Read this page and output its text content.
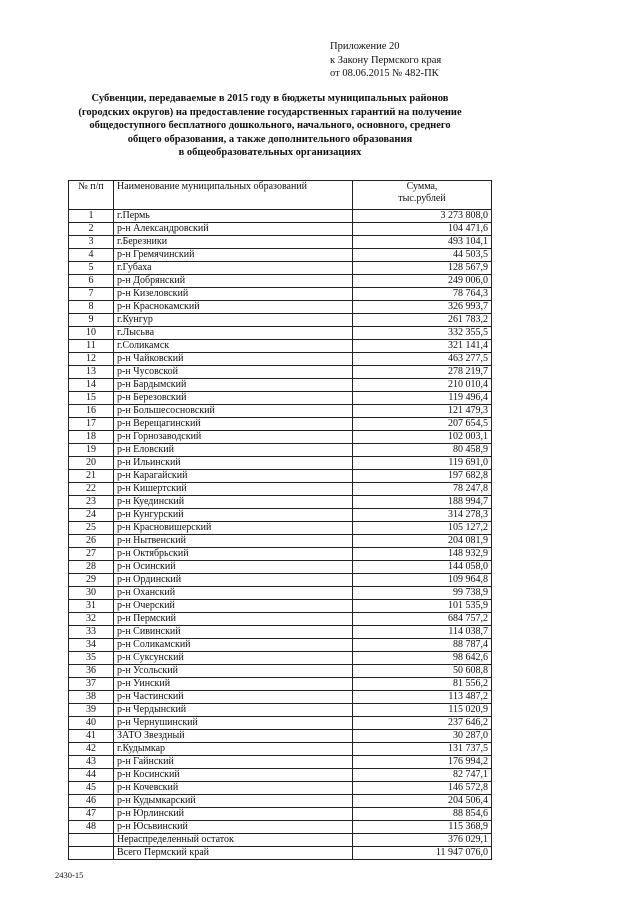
Приложение 20
к Закону Пермского края
от 08.06.2015 № 482-ПК
Субвенции, передаваемые в 2015 году в бюджеты муниципальных районов
(городских округов) на предоставление государственных гарантий на получение
общедоступного бесплатного дошкольного, начального, основного, среднего
общего образования, а также дополнительного образования
в общеобразовательных организациях
№ п/п	Наименование муниципальных образований	Сумма,
тыс.рублей

1	г.Пермь	3 273 808,0
2	р-н Александровский	104 471,6
3	г.Березники	493 104,1
4	р-н Гремячинский	44 503,5
5	г.Губаха	128 567,9
6	р-н Добрянский	249 006,0
7	р-н Кизеловский	78 764,3
8	р-н Краснокамский	326 993,7
9	г.Кунгур	261 783,2
10	г.Лысьва	332 355,5
11	г.Соликамск	321 141,4
12	р-н Чайковский	463 277,5
13	р-н Чусовской	278 219,7
14	р-н Бардымский	210 010,4
15	р-н Березовский	119 496,4
16	р-н Большесосновский	121 479,3
17	р-н Верещагинский	207 654,5
18	р-н Горнозаводский	102 003,1
19	р-н Еловский	80 458,9
20	р-н Ильинский	119 691,0
21	р-н Карагайский	197 682,8
22	р-н Кишертский	78 247,8
23	р-н Куединский	188 994,7
24	р-н Кунгурский	314 278,3
25	р-н Красновишерский	105 127,2
26	р-н Нытвенский	204 081,9
27	р-н Октябрьский	148 932,9
28	р-н Осинский	144 058,0
29	р-н Ординский	109 964,8
30	р-н Оханский	99 738,9
31	р-н Очерский	101 535,9
32	р-н Пермский	684 757,2
33	р-н Сивинский	114 038,7
34	р-н Соликамский	88 787,4
35	р-н Суксунский	98 642,6
36	р-н Усольский	50 608,8
37	р-н Уинский	81 556,2
38	р-н Частинский	113 487,2
39	р-н Чердынский	115 020,9
40	р-н Чернушинский	237 646,2
41	ЗАТО Звездный	30 287,0
42	г.Кудымкар	131 737,5
43	р-н Гайнский	176 994,2
44	р-н Косинский	82 747,1
45	р-н Кочевский	146 572,8
46	р-н Кудымкарский	204 506,4
47	р-н Юрлинский	88 854,6
48	р-н Юсьвинский	115 368,9
	Нераспределенный остаток	376 029,1
	Всего Пермский край	11 947 076,0
2430-15
